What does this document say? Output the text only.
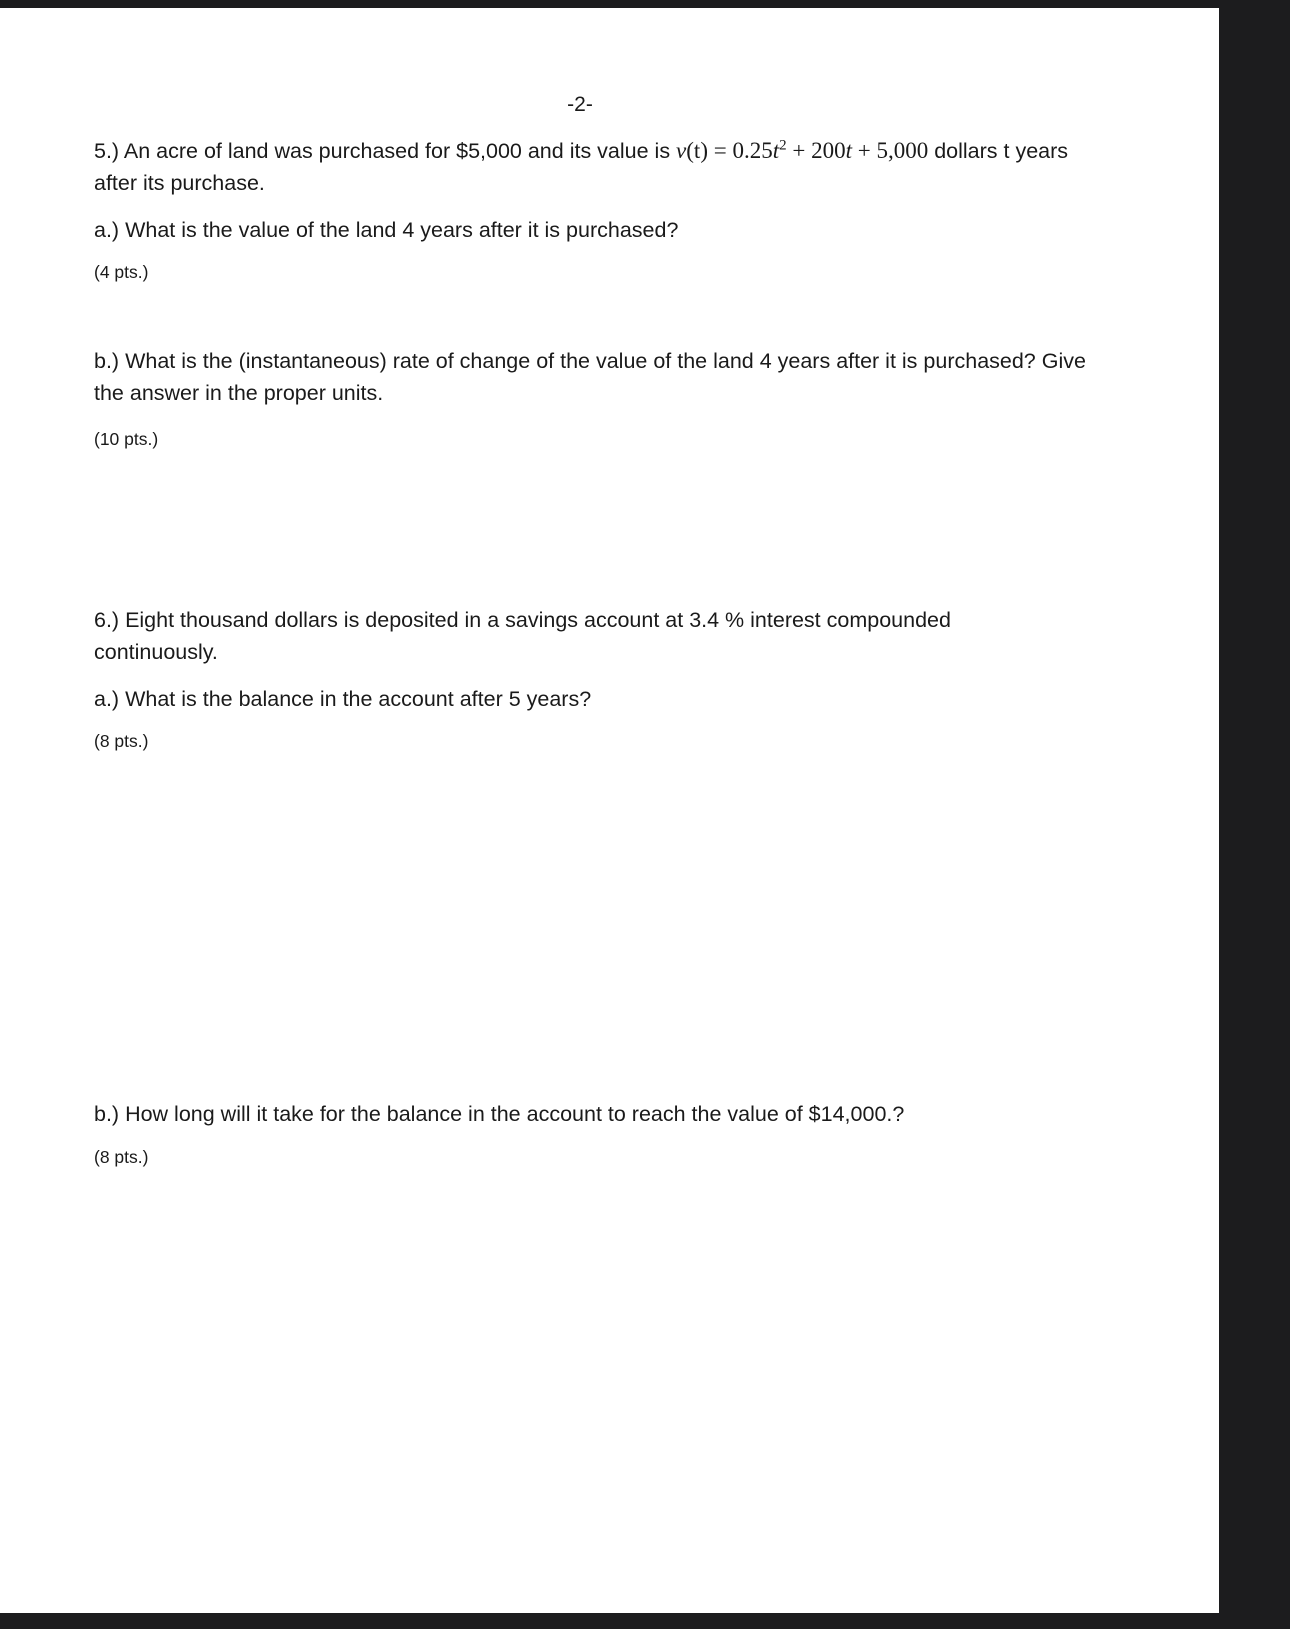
-2-
5.) An acre of land was purchased for $5,000 and its value is $v(t) = 0.25t^2 + 200t + 5,000$ dollars t years after its purchase.
a.) What is the value of the land 4 years after it is purchased?
(4 pts.)
b.) What is the (instantaneous) rate of change of the value of the land 4 years after it is purchased? Give the answer in the proper units.
(10 pts.)
6.) Eight thousand dollars is deposited in a savings account at 3.4 % interest compounded continuously.
a.) What is the balance in the account after 5 years?
(8 pts.)
b.) How long will it take for the balance in the account to reach the value of $14,000.?
(8 pts.)
